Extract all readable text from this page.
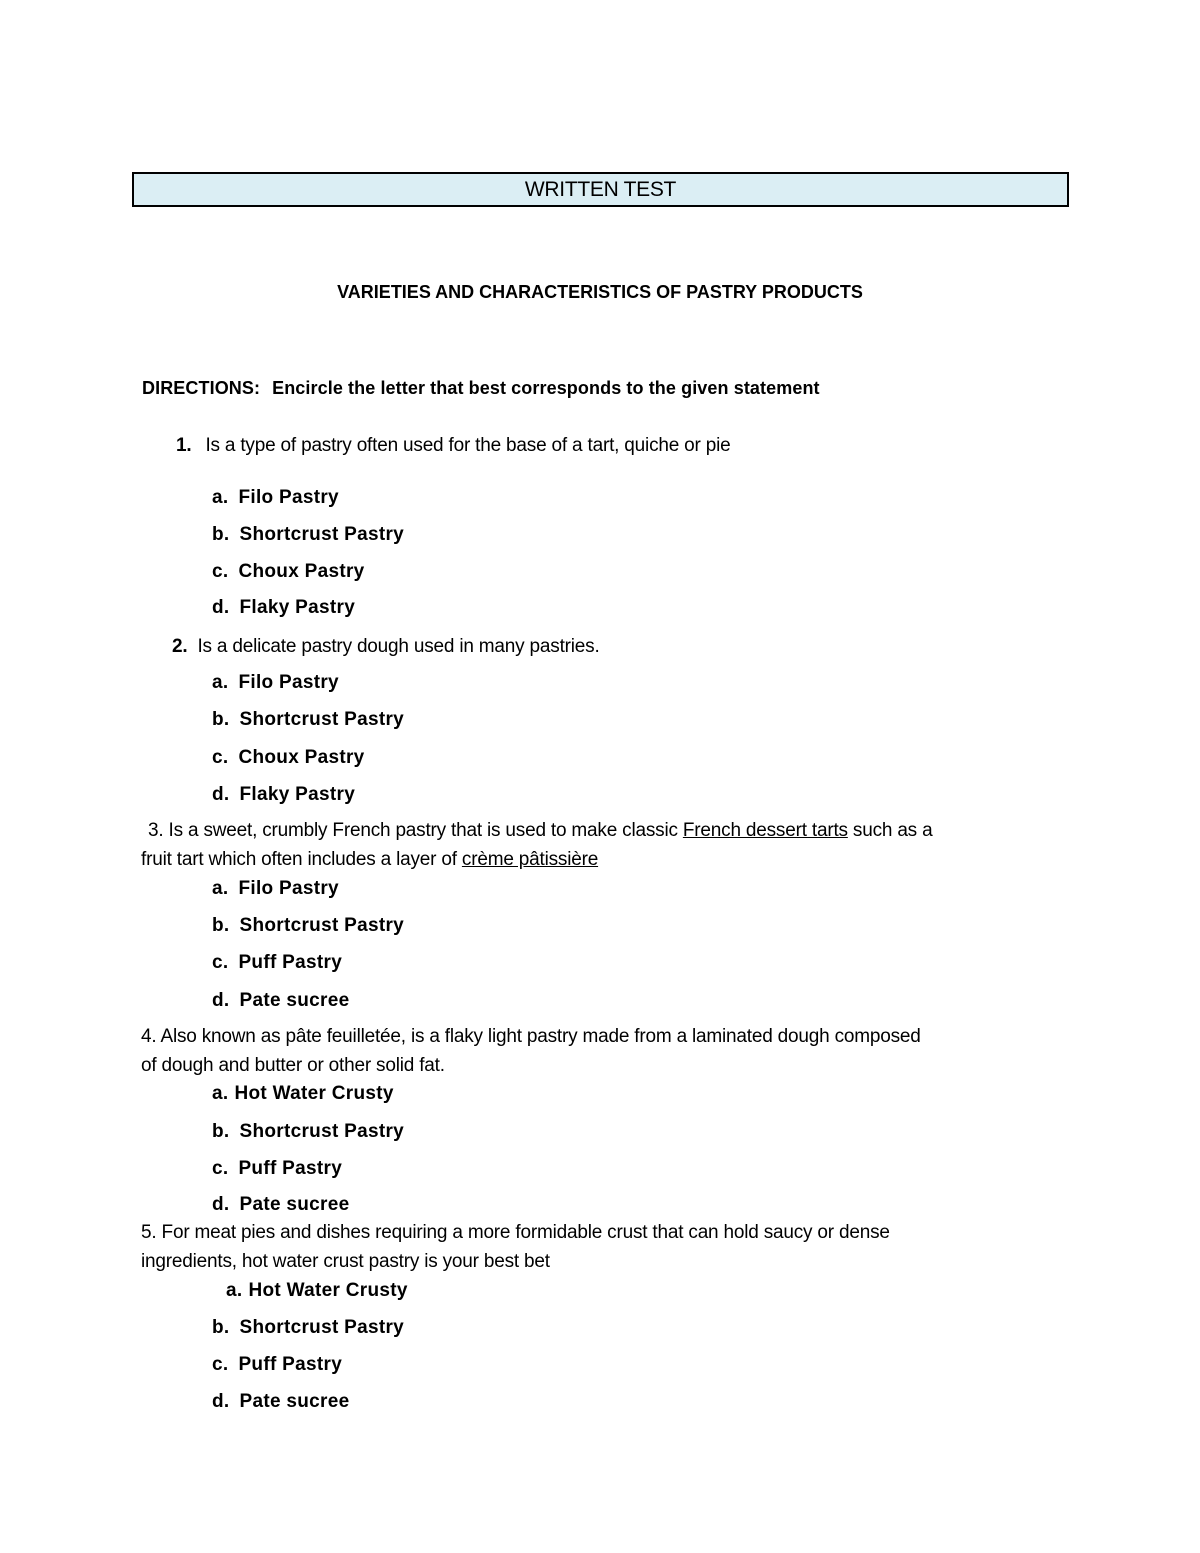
WRITTEN TEST
VARIETIES AND CHARACTERISTICS OF PASTRY PRODUCTS
DIRECTIONS: Encircle the letter that best corresponds to the given statement
1. Is a type of pastry often used for the base of a tart, quiche or pie
a. Filo Pastry
b. Shortcrust Pastry
c. Choux Pastry
d. Flaky Pastry
2. Is a delicate pastry dough used in many pastries.
a. Filo Pastry
b. Shortcrust Pastry
c. Choux Pastry
d. Flaky Pastry
3. Is a sweet, crumbly French pastry that is used to make classic French dessert tarts such as a
fruit tart which often includes a layer of crème pâtissière
a. Filo Pastry
b. Shortcrust Pastry
c. Puff Pastry
d. Pate sucree
4. Also known as pâte feuilletée, is a flaky light pastry made from a laminated dough composed
of dough and butter or other solid fat.
a. Hot Water Crusty
b. Shortcrust Pastry
c. Puff Pastry
d. Pate sucree
5. For meat pies and dishes requiring a more formidable crust that can hold saucy or dense
ingredients, hot water crust pastry is your best bet
a. Hot Water Crusty
b. Shortcrust Pastry
c. Puff Pastry
d. Pate sucree
